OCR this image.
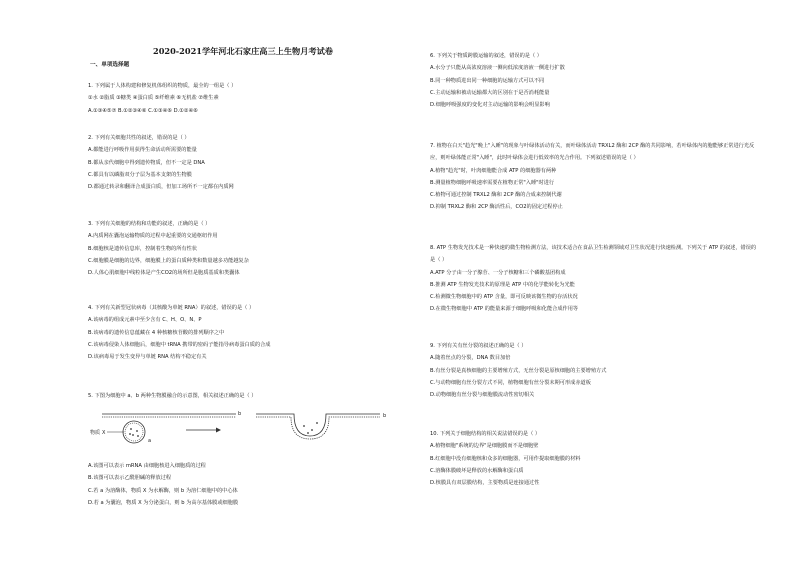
2020-2021学年河北石家庄高三上生物月考试卷
一、单项选择题
1. 下列属于人体构建和修复机体组织的物质，最全的一组是（ ）
①水 ②脂质 ③糖类 ④蛋白质 ⑤纤维素 ⑥无机盐 ⑦维生素
A.①③④⑤⑦ B.①②③④⑥ C.①③④⑥ D.①②④⑥
2. 下列有关细胞共性的叙述，错误的是（ ）
A.都能进行呼吸作用获得生命活动所需要的能量
B.都从亲代细胞中得到遗传物质，但不一定是 DNA
C.都具有以磷脂双分子层为基本支架的生物膜
D.都通过转录和翻译合成蛋白质，但加工场所不一定都在内质网
3. 下列有关细胞的结构和功能的叙述，正确的是（ ）
A.内质网在囊泡运输物质的过程中起重要的交通枢纽作用
B.细胞核是遗传信息库，控制着生物的所有性状
C.细胞膜是细胞的边界，细胞膜上的蛋白质种类和数量越多功能越复杂
D.人体心肌细胞中线粒体是产生CO2的场所但是胞质基质和类囊体
4. 下列有关新型冠状病毒（其核酸为单链 RNA）的叙述，错误的是（ ）
A.该病毒的组成元素中至少含有 C、H、O、N、P
B.该病毒的遗传信息蕴藏在 4 种核糖核苷酸的排列顺序之中
C.该病毒侵染人体细胞后，细胞中 tRNA 携带的密码子能指导病毒蛋白质的合成
D.该病毒易于发生变异与单链 RNA 结构不稳定有关
5. 下图为细胞中 a、b 两种生物膜融合的示意图，相关叙述正确的是（ ）
A.该图可以表示 mRNA 由细胞核进入细胞质的过程
B.该图可以表示乙酰胆碱的释放过程
C.若 a 为溶酶体，物质 X 为水解酶，则 b 为溶仁细胞中的中心体
D.若 a 为囊泡，物质 X 为分泌蛋白，则 b 为高尔基体膜或细胞膜
物质 X
a
b	b
6. 下列关于物质跨膜运输的叙述，错误的是（ ）
A.水分子只能从高浓度溶液一侧向低浓度溶液一侧进行扩散
B.同一种物质进出同一种细胞的运输方式可以不同
C.主动运输和被动运输都大的区别在于是否消耗能量
D.细胞呼吸强度的变化对主动运输的影响会明显影响
7. 植物在白天"趋光"晚上"入睡"的现象与叶绿体活动有关，而叶绿体活动 TRXL2 酶和 2CP 酶的共同影响，若叶绿体内的胞能够正常进行光反应，则叶绿体能正常"入睡"，此时叶绿体会进行低效率的光合作用。下列叙述错误的是（ ）
A.植物"趋光"时，叶肉细胞能合成 ATP 的细胞器有两种
B.测量植物细胞呼吸速率需要在植物正常"入睡"时进行
C.植物可通过控制 TRXL2 酶和 2CP 酶的合成来控制代谢
D.抑制 TRXL2 酶和 2CP 酶活性后，CO2的固定过程停止
8. ATP 生物发光技术是一种快速的微生物检测方法，该技术适合在食品卫生检测领域对卫生状况进行快速检测。下列关于 ATP 的叙述，错误的是（ ）
A.ATP 分子由一分子腺苷、一分子核糖和三个磷酸基团构成
B.推测 ATP 生物发光技术的原理是 ATP 中的化学能转化为光能
C.检测微生物细胞中的 ATP 含量，即可反映该微生物的存活状况
D.在微生物细胞中 ATP 的能量来源于细胞呼吸和化能合成作用等
9. 下列有关有丝分裂的叙述正确的是（ ）
A.随着丝点的分裂，DNA 数目加倍
B.有丝分裂是真核细胞的主要增殖方式，无丝分裂是原核细胞的主要增殖方式
C.与动物细胞有丝分裂方式不同，植物细胞有丝分裂末期可形成赤道板
D.动物细胞有丝分裂与细胞膜流动性密切相关
10. 下列关于细胞结构的相关说法错误的是（ ）
A.植物细胞"系统的边界"是细胞膜而不是细胞壁
B.红细胞中没有细胞核和众多的细胞器，可用作提取细胞膜的材料
C.溶酶体膜破坏是释放的水解酶和蛋白质
D.核膜具有双层膜结构，主要物质是连接通过性
